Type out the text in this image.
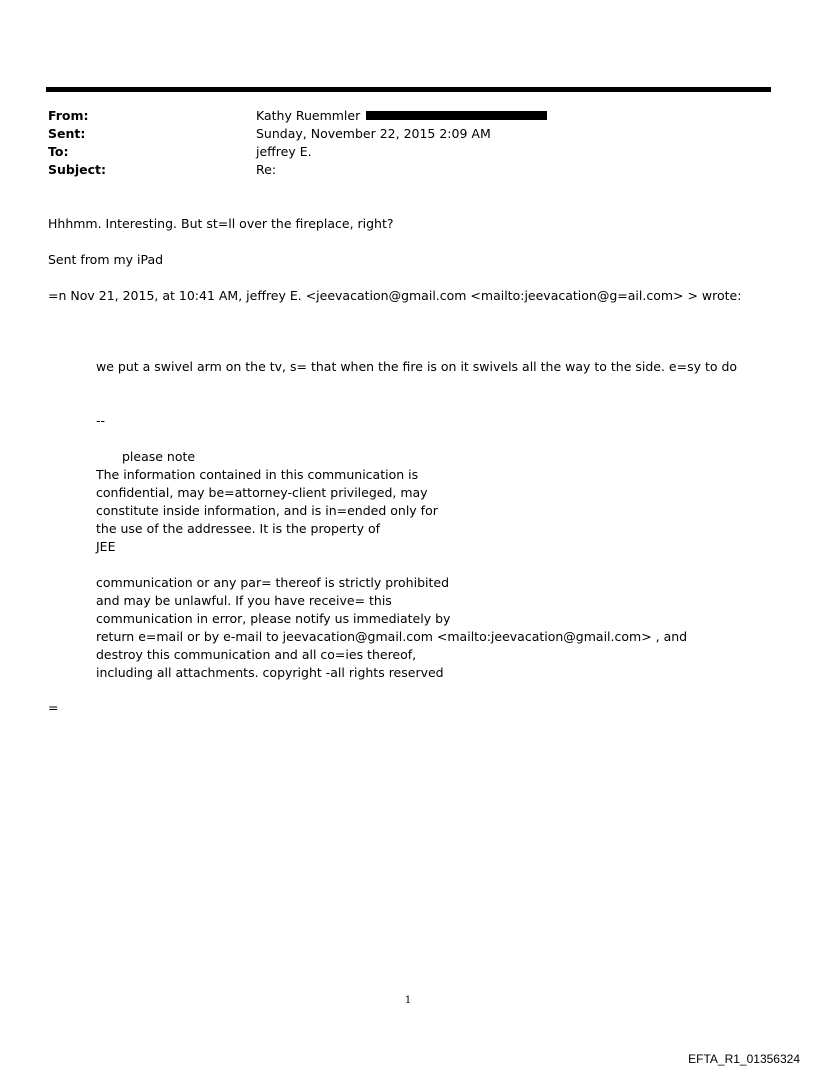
From:	Kathy Ruemmler
Sent:	Sunday, November 22, 2015 2:09 AM
To:	jeffrey E.
Subject:	Re:
Hhhmm. Interesting. But st=ll over the fireplace, right?
Sent from my iPad
=n Nov 21, 2015, at 10:41 AM, jeffrey E. <jeevacation@gmail.com <mailto:jeevacation@g=ail.com> > wrote:
we put a swivel arm on the tv, s= that when the fire is on it swivels all the way to the side. e=sy to do
--
please note
The information contained in this communication is
confidential, may be=attorney-client privileged, may
constitute inside information, and is in=ended only for
the use of the addressee. It is the property of
JEE
communication or any par= thereof is strictly prohibited
and may be unlawful. If you have receive= this
communication in error, please notify us immediately by
return e=mail or by e-mail to jeevacation@gmail.com <mailto:jeevacation@gmail.com> , and
destroy this communication and all co=ies thereof,
including all attachments. copyright -all rights reserved
=
1
EFTA_R1_01356324
